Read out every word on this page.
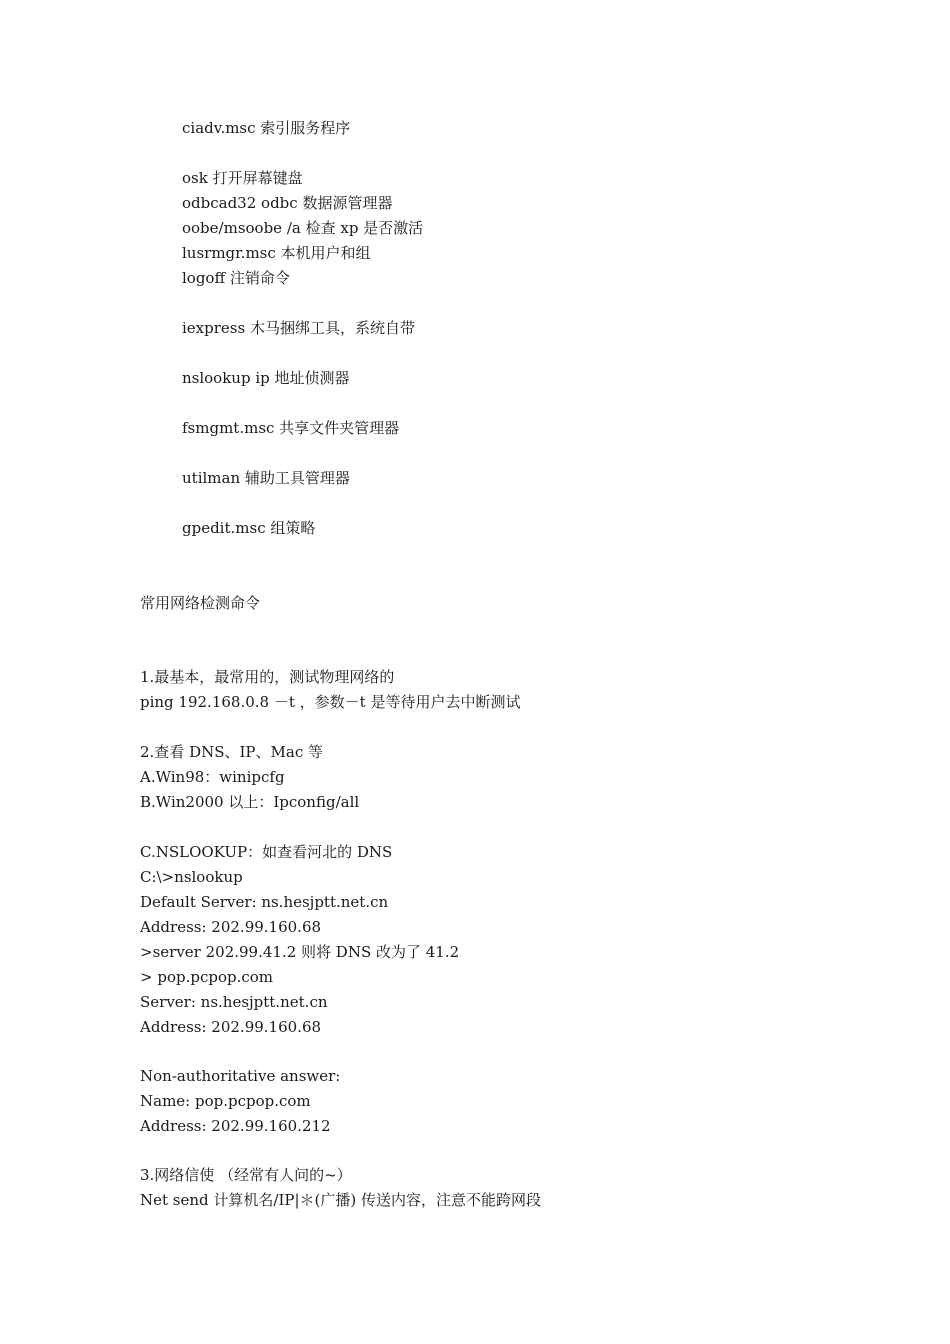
ciadv.msc 索引服务程序
osk 打开屏幕键盘
odbcad32 odbc 数据源管理器
oobe/msoobe /a 检查 xp 是否激活
lusrmgr.msc 本机用户和组
logoff 注销命令
iexpress 木马捆绑工具，系统自带
nslookup ip 地址侦测器
fsmgmt.msc 共享文件夹管理器
utilman 辅助工具管理器
gpedit.msc 组策略
常用网络检测命令
1.最基本，最常用的，测试物理网络的
ping 192.168.0.8 －t ，参数－t 是等待用户去中断测试
2.查看 DNS、IP、Mac 等
A.Win98：winipcfg
B.Win2000 以上：Ipconfig/all
C.NSLOOKUP：如查看河北的 DNS
C:\>nslookup
Default Server: ns.hesjptt.net.cn
Address: 202.99.160.68
>server 202.99.41.2 则将 DNS 改为了 41.2
> pop.pcpop.com
Server: ns.hesjptt.net.cn
Address: 202.99.160.68
Non-authoritative answer:
Name: pop.pcpop.com
Address: 202.99.160.212
3.网络信使 （经常有人问的~）
Net send 计算机名/IP|＊(广播) 传送内容，注意不能跨网段
